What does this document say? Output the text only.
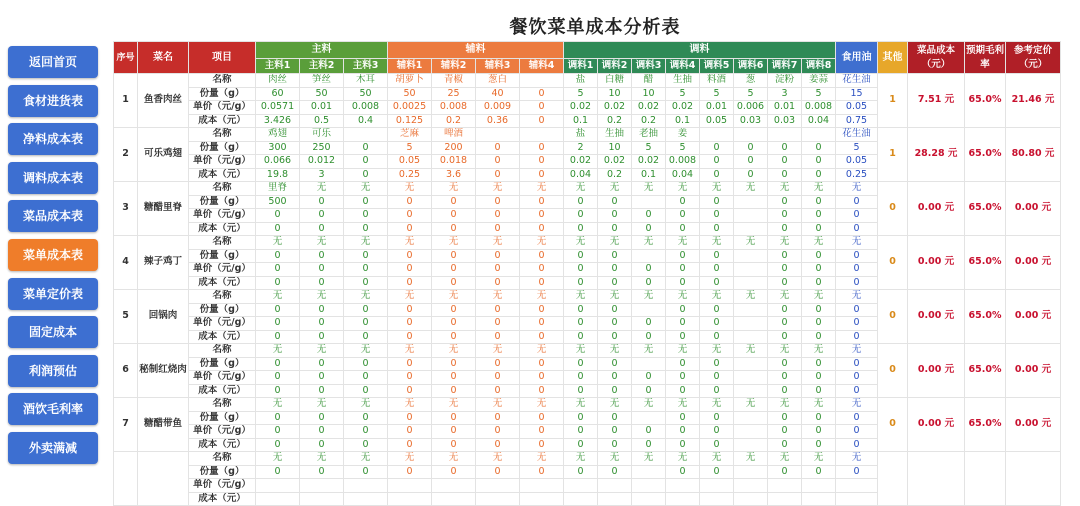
餐饮菜单成本分析表
返回首页
食材进货表
净料成本表
调料成本表
菜品成本表
菜单成本表
菜单定价表
固定成本
利润预估
酒饮毛利率
外卖满减
序号	菜名	项目	主料			辅料				调料								食用油	其他	菜品成本（元）	预期毛利率	参考定价（元）
			主料1	主料2	主料3	辅料1	辅料2	辅料3	辅料4	调料1	调料2	调料3	调料4	调料5	调料6	调料7	调料8					
1	鱼香肉丝	名称	肉丝	笋丝	木耳	胡萝卜	青椒	葱白		盐	白糖	醋	生抽	料酒	葱	淀粉	姜蒜	花生油	1	7.51 元	65.0%	21.46 元
		份量（g）	60	50	50	50	25	40	0	5	10	10	5	5	5	3	5	15				
		单价（元/g）	0.0571	0.01	0.008	0.0025	0.008	0.009	0	0.02	0.02	0.02	0.02	0.01	0.006	0.01	0.008	0.05				
		成本（元）	3.426	0.5	0.4	0.125	0.2	0.36	0	0.1	0.2	0.2	0.1	0.05	0.03	0.03	0.04	0.75				
2	可乐鸡翅	名称	鸡翅	可乐		芝麻	啤酒			盐	生抽	老抽	姜					花生油	1	28.28 元	65.0%	80.80 元
		份量（g）	300	250	0	5	200	0	0	2	10	5	5	0	0	0	0	5				
		单价（元/g）	0.066	0.012	0	0.05	0.018	0	0	0.02	0.02	0.02	0.008	0	0	0	0	0.05				
		成本（元）	19.8	3	0	0.25	3.6	0	0	0.04	0.2	0.1	0.04	0	0	0	0	0.25				
3	糖醋里脊	名称	里脊	无	无	无	无	无	无	无	无	无	无	无	无	无	无	无	0	0.00 元	65.0%	0.00 元
		份量（g）	500	0	0	0	0	0	0	0	0		0	0		0	0	0				
		单价（元/g）	0	0	0	0	0	0	0	0	0	0	0	0		0	0	0				
		成本（元）	0	0	0	0	0	0	0	0	0	0	0	0		0	0	0				
4	辣子鸡丁	名称	无	无	无	无	无	无	无	无	无	无	无	无	无	无	无	无	0	0.00 元	65.0%	0.00 元
		份量（g）	0	0	0	0	0	0	0	0	0		0	0		0	0	0				
		单价（元/g）	0	0	0	0	0	0	0	0	0	0	0	0		0	0	0				
		成本（元）	0	0	0	0	0	0	0	0	0	0	0	0		0	0	0				
5	回锅肉	名称	无	无	无	无	无	无	无	无	无	无	无	无	无	无	无	无	0	0.00 元	65.0%	0.00 元
		份量（g）	0	0	0	0	0	0	0	0	0		0	0		0	0	0				
		单价（元/g）	0	0	0	0	0	0	0	0	0	0	0	0		0	0	0				
		成本（元）	0	0	0	0	0	0	0	0	0	0	0	0		0	0	0				
6	秘制红烧肉	名称	无	无	无	无	无	无	无	无	无	无	无	无	无	无	无	无	0	0.00 元	65.0%	0.00 元
		份量（g）	0	0	0	0	0	0	0	0	0		0	0		0	0	0				
		单价（元/g）	0	0	0	0	0	0	0	0	0	0	0	0		0	0	0				
		成本（元）	0	0	0	0	0	0	0	0	0	0	0	0		0	0	0				
7	糖醋带鱼	名称	无	无	无	无	无	无	无	无	无	无	无	无	无	无	无	无	0	0.00 元	65.0%	0.00 元
		份量（g）	0	0	0	0	0	0	0	0	0		0	0		0	0	0				
		单价（元/g）	0	0	0	0	0	0	0	0	0	0	0	0		0	0	0				
		成本（元）	0	0	0	0	0	0	0	0	0	0	0	0		0	0	0				
		名称	无	无	无	无	无	无	无	无	无	无	无	无	无	无	无	无				
		份量（g）	0	0	0	0	0	0	0	0	0		0	0		0	0	0				
		单价（元/g）																				
		成本（元）																				
